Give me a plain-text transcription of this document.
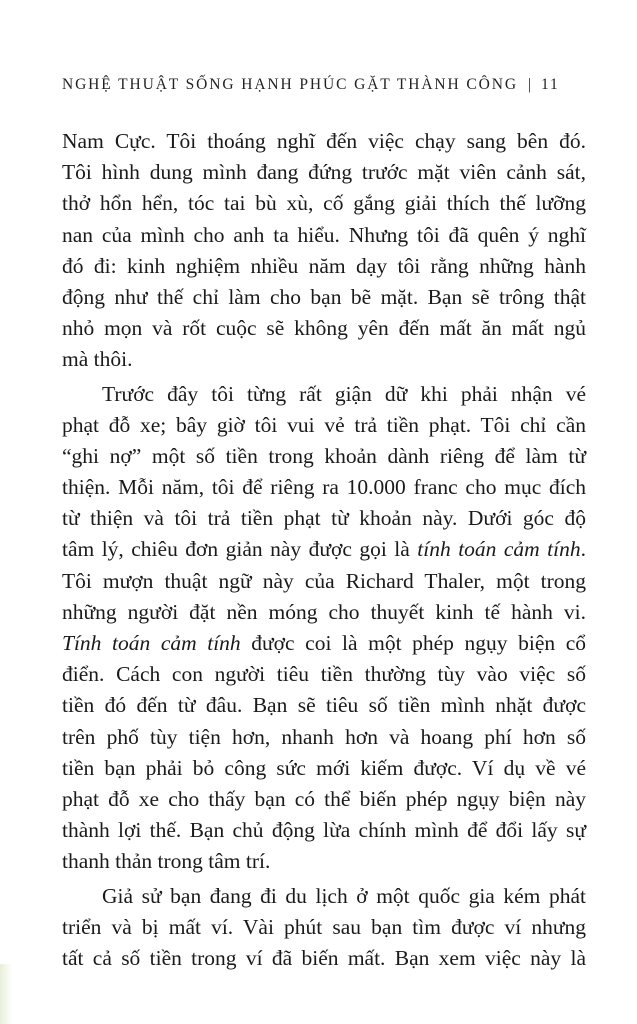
NGHỆ THUẬT SỐNG HẠNH PHÚC GẶT THÀNH CÔNG | 11
Nam Cực. Tôi thoáng nghĩ đến việc chạy sang bên đó.
Tôi hình dung mình đang đứng trước mặt viên cảnh sát,
thở hổn hển, tóc tai bù xù, cố gắng giải thích thế lưỡng
nan của mình cho anh ta hiểu. Nhưng tôi đã quên ý nghĩ
đó đi: kinh nghiệm nhiều năm dạy tôi rằng những hành
động như thế chỉ làm cho bạn bẽ mặt. Bạn sẽ trông thật
nhỏ mọn và rốt cuộc sẽ không yên đến mất ăn mất ngủ
mà thôi.
Trước đây tôi từng rất giận dữ khi phải nhận vé
phạt đỗ xe; bây giờ tôi vui vẻ trả tiền phạt. Tôi chỉ cần
“ghi nợ” một số tiền trong khoản dành riêng để làm từ
thiện. Mỗi năm, tôi để riêng ra 10.000 franc cho mục đích
từ thiện và tôi trả tiền phạt từ khoản này. Dưới góc độ
tâm lý, chiêu đơn giản này được gọi là tính toán cảm tính.
Tôi mượn thuật ngữ này của Richard Thaler, một trong
những người đặt nền móng cho thuyết kinh tế hành vi.
Tính toán cảm tính được coi là một phép ngụy biện cổ
điển. Cách con người tiêu tiền thường tùy vào việc số
tiền đó đến từ đâu. Bạn sẽ tiêu số tiền mình nhặt được
trên phố tùy tiện hơn, nhanh hơn và hoang phí hơn số
tiền bạn phải bỏ công sức mới kiếm được. Ví dụ về vé
phạt đỗ xe cho thấy bạn có thể biến phép ngụy biện này
thành lợi thế. Bạn chủ động lừa chính mình để đổi lấy sự
thanh thản trong tâm trí.
Giả sử bạn đang đi du lịch ở một quốc gia kém phát
triển và bị mất ví. Vài phút sau bạn tìm được ví nhưng
tất cả số tiền trong ví đã biến mất. Bạn xem việc này là
